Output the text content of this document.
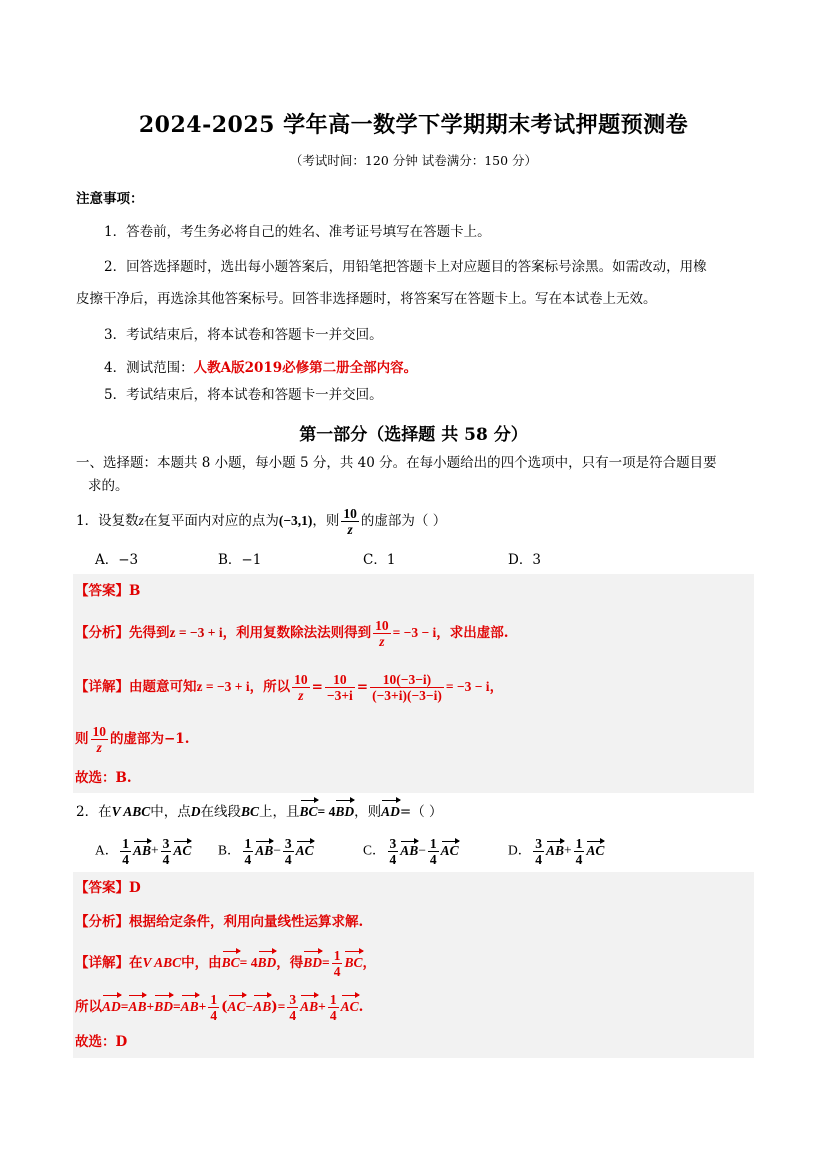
2024-2025 学年高一数学下学期期末考试押题预测卷
（考试时间：120 分钟 试卷满分：150 分）
注意事项：
1．答卷前，考生务必将自己的姓名、准考证号填写在答题卡上。
2．回答选择题时，选出每小题答案后，用铅笔把答题卡上对应题目的答案标号涂黑。如需改动，用橡
皮擦干净后，再选涂其他答案标号。回答非选择题时，将答案写在答题卡上。写在本试卷上无效。
3．考试结束后，将本试卷和答题卡一并交回。
4．测试范围：人教A版2019必修第二册全部内容。
5．考试结束后，将本试卷和答题卡一并交回。
第一部分（选择题 共 58 分）
一、选择题：本题共 8 小题，每小题 5 分，共 40 分。在每小题给出的四个选项中，只有一项是符合题目要
求的。
1．设复数z在复平面内对应的点为(−3,1)，则 $\frac{10}{z}$ 的虚部为（ ）
A．−3	B．−1	C．1	D．3
【答案】B
【分析】先得到z = −3 + i，利用复数除法法则得到 $\frac{10}{z} = -3 - i$，求出虚部.
【详解】由题意可知z = −3 + i，所以 $\frac{10}{z} = \frac{10}{-3+i} = \frac{10(-3-i)}{(-3+i)(-3-i)} = -3 - i$，
则 $\frac{10}{z}$ 的虚部为−1.
故选：B.
2．在V ABC中，点D在线段BC上，且BC= 4BD，则AD=（ ）
A． $\frac{1}{4} AB+ \frac{3}{4}$ AC B． $\frac{1}{4} AB- \frac{3}{4}$ AC	C． $\frac{3}{4} AB- \frac{1}{4}$ AC	D． $\frac{3}{4} AB+ \frac{1}{4}$ AC
【答案】D
【分析】根据给定条件，利用向量线性运算求解.
【详解】在V ABC中，由BC= 4BD，得$BD= \frac{1}{4}$ BC，
所以$AD=AB+BD=AB+ \frac{1}{4} (AC-AB)= \frac{3}{4} AB+ \frac{1}{4}$ AC.
故选：D
